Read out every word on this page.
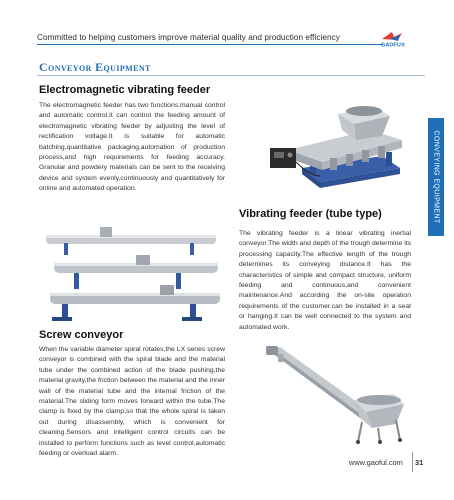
Committed to helping customers improve material quality and production efficiency
GAOFU®
Conveyor Equipment
CONVEYING EQUIPMENT
Electromagnetic vibrating feeder
The electromagnetic feeder has two functions:manual control and automatic control.It can control the feeding amount of electromagnetic vibrating feeder by adjusting the level of rectification voltage.It is suitable for automatic batching,quantitative packaging,automation of production process,and high requirements for feeding accuracy. Granular and powdery materials can be sent to the receiving device and system evenly,continuously and quantitatively for online and automated operation.
Vibrating feeder (tube type)
The vibrating feeder is a linear vibrating inertial conveyor.The width and depth of the trough determine its processing capacity.The effective length of the trough determines its conveying distance.It has the characteristics of simple and compact structure, uniform feeding and continuous,and convenient maintenance.And according the on-site operation requirements of the customer.can be installed in a seat or hanging.It can be well connected to the system and automated work.
Screw conveyor
When the variable diameter spiral rotates,the LX series screw conveyor is combined with the spiral blade and the material tube under the combined action of the blade pushing,the material gravity,the friction between the material and the inner wall of the material tube and the internal friction of the material.The sliding form moves forward within the tube.The clamp is fixed by the clamp,so that the whole spiral is taken out during disassembly, which is convenient for cleaning.Sensors and intelligent control circuits can be installed to perform functions such as level control,automatic feeding or overload alarm.
www.gaoful.com 31
